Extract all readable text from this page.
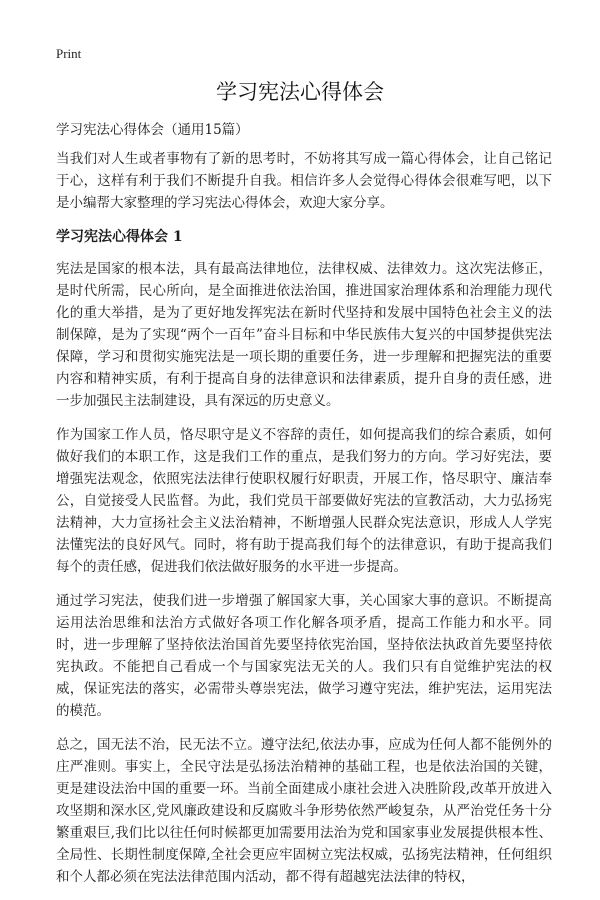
Print
学习宪法心得体会

学习宪法心得体会（通用15篇）

当我们对人生或者事物有了新的思考时，不妨将其写成一篇心得体会，让自己铭记于心，这样有利于我们不断提升自我。相信许多人会觉得心得体会很难写吧，以下是小编帮大家整理的学习宪法心得体会，欢迎大家分享。

学习宪法心得体会 1

宪法是国家的根本法，具有最高法律地位，法律权威、法律效力。这次宪法修正，是时代所需，民心所向，是全面推进依法治国，推进国家治理体系和治理能力现代化的重大举措，是为了更好地发挥宪法在新时代坚持和发展中国特色社会主义的法制保障，是为了实现“两个一百年”奋斗目标和中华民族伟大复兴的中国梦提供宪法保障，学习和贯彻实施宪法是一项长期的重要任务，进一步理解和把握宪法的重要内容和精神实质，有利于提高自身的法律意识和法律素质，提升自身的责任感，进一步加强民主法制建设，具有深远的历史意义。

作为国家工作人员，恪尽职守是义不容辞的责任，如何提高我们的综合素质，如何做好我们的本职工作，这是我们工作的重点，是我们努力的方向。学习好宪法，要增强宪法观念，依照宪法法律行使职权履行好职责，开展工作，恪尽职守、廉洁奉公，自觉接受人民监督。为此，我们党员干部要做好宪法的宣教活动，大力弘扬宪法精神，大力宣扬社会主义法治精神，不断增强人民群众宪法意识，形成人人学宪法懂宪法的良好风气。同时，将有助于提高我们每个的法律意识，有助于提高我们每个的责任感，促进我们依法做好服务的水平进一步提高。

通过学习宪法，使我们进一步增强了解国家大事，关心国家大事的意识。不断提高运用法治思维和法治方式做好各项工作化解各项矛盾，提高工作能力和水平。同时，进一步理解了坚持依法治国首先要坚持依宪治国，坚持依法执政首先要坚持依宪执政。不能把自己看成一个与国家宪法无关的人。我们只有自觉维护宪法的权威，保证宪法的落实，必需带头尊崇宪法，做学习遵守宪法，维护宪法，运用宪法的模范。

总之，国无法不治，民无法不立。遵守法纪,依法办事，应成为任何人都不能例外的庄严准则。事实上，全民守法是弘扬法治精神的基础工程，也是依法治国的关键，更是建设法治中国的重要一环。当前全面建成小康社会进入决胜阶段,改革开放进入攻坚期和深水区,党风廉政建设和反腐败斗争形势依然严峻复杂，从严治党任务十分繁重艰巨,我们比以往任何时候都更加需要用法治为党和国家事业发展提供根本性、全局性、长期性制度保障,全社会更应牢固树立宪法权威，弘扬宪法精神，任何组织和个人都必须在宪法法律范围内活动，都不得有超越宪法法律的特权，
